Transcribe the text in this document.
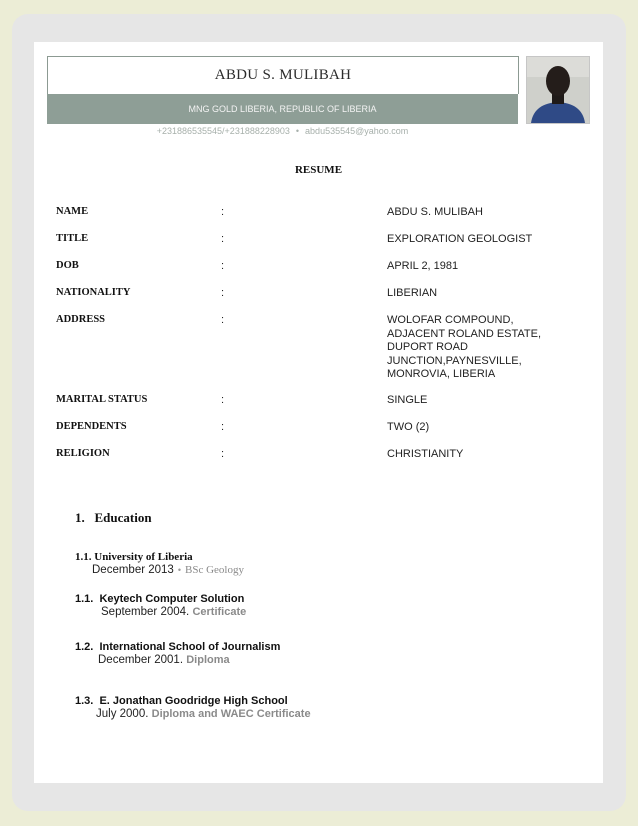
ABDU S. MULIBAH
MNG GOLD LIBERIA, REPUBLIC OF LIBERIA
+231886535545/+231888228903 • abdu535545@yahoo.com
RESUME
NAME	:	ABDU S. MULIBAH
TITLE	:	EXPLORATION GEOLOGIST
DOB	:	APRIL 2, 1981
NATIONALITY	:	LIBERIAN
ADDRESS	:	WOLOFAR COMPOUND, ADJACENT ROLAND ESTATE, DUPORT ROAD JUNCTION,PAYNESVILLE, MONROVIA, LIBERIA
MARITAL STATUS	:	SINGLE
DEPENDENTS	:	TWO (2)
RELIGION	:	CHRISTIANITY
1.   Education
1.1. University of Liberia
December 2013 • BSc Geology
1.1.  Keytech Computer Solution
September 2004. Certificate
1.2.  International School of Journalism
December 2001. Diploma
1.3.  E. Jonathan Goodridge High School
July 2000. Diploma and WAEC Certificate
